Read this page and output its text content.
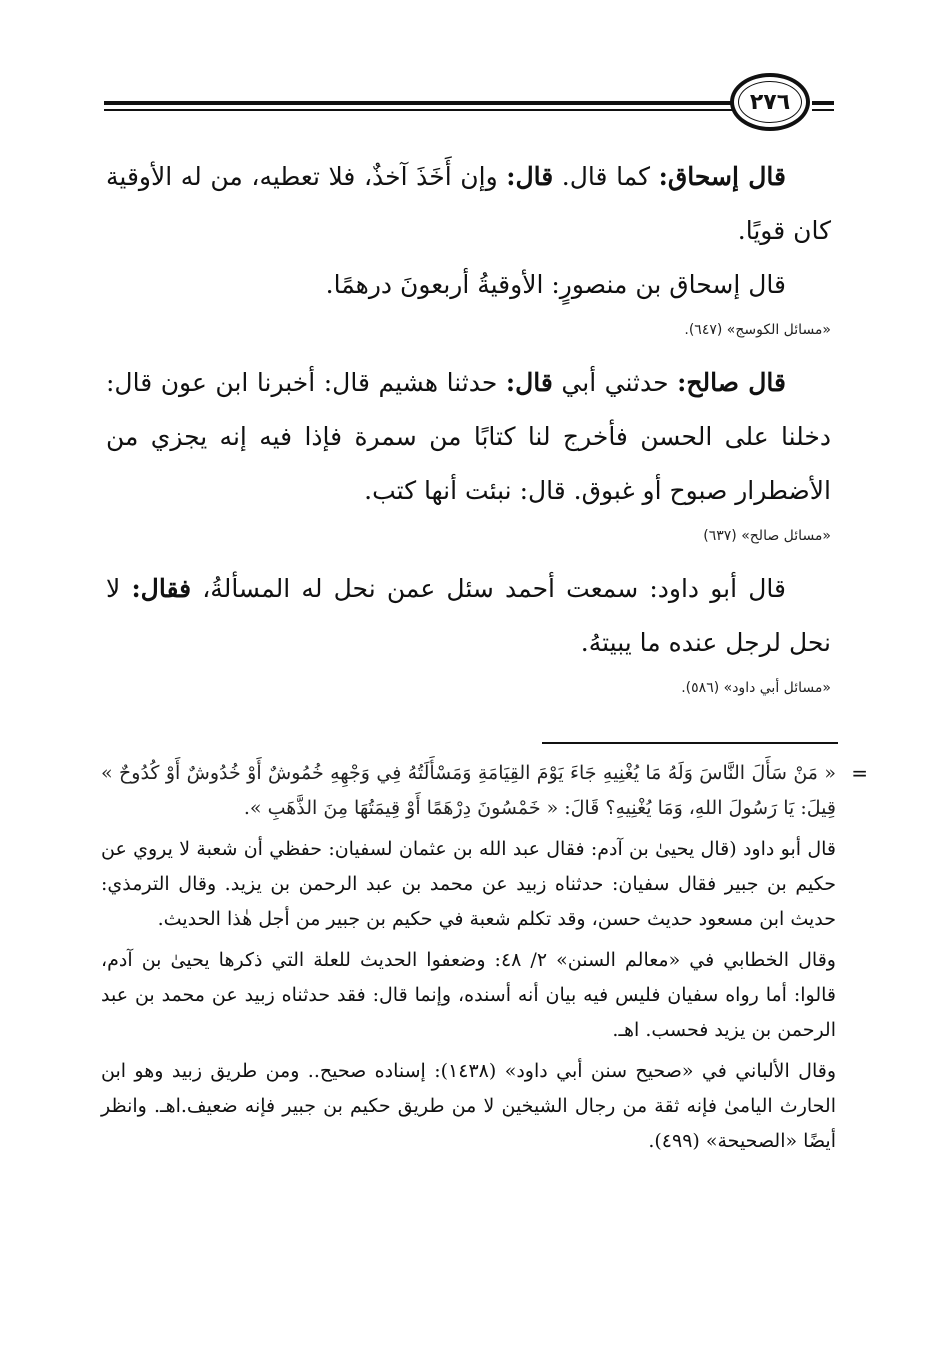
٢٧٦

قال إسحاق: كما قال. قال: وإن أَخَذَ آخذٌ، فلا تعطيه، من له الأوقية كان قويًا.

قال إسحاق بن منصورٍ: الأوقيةُ أربعونَ درهمًا.

«مسائل الكوسج» (٦٤٧).

قال صالح: حدثني أبي قال: حدثنا هشيم قال: أخبرنا ابن عون قال: دخلنا على الحسن فأخرج لنا كتابًا من سمرة فإذا فيه إنه يجزي من الأضطرار صبوح أو غبوق. قال: نبئت أنها كتب.

«مسائل صالح» (٦٣٧)

قال أبو داود: سمعت أحمد سئل عمن نحل له المسألةُ، فقال: لا نحل لرجل عنده ما يبيتهُ.

«مسائل أبي داود» (٥٨٦).
=

« مَنْ سَأَلَ النَّاسَ وَلَهُ مَا يُغْنِيهِ جَاءَ يَوْمَ القِيَامَةِ وَمَسْأَلَتُهُ فِي وَجْهِهِ خُمُوشٌ أَوْ خُدُوشٌ أَوْ كُدُوحٌ » قِيلَ: يَا رَسُولَ اللهِ، وَمَا يُغْنِيهِ؟ قَالَ: « خَمْسُونَ دِرْهَمًا أَوْ قِيمَتُهَا مِنَ الذَّهَبِ ».

قال أبو داود (قال يحيىٰ بن آدم: فقال عبد الله بن عثمان لسفيان: حفظي أن شعبة لا يروي عن حكيم بن جبير فقال سفيان: حدثناه زبيد عن محمد بن عبد الرحمن بن يزيد. وقال الترمذي: حديث ابن مسعود حديث حسن، وقد تكلم شعبة في حكيم بن جبير من أجل هٰذا الحديث.

وقال الخطابي في «معالم السنن» ٢/ ٤٨: وضعفوا الحديث للعلة التي ذكرها يحيىٰ بن آدم، قالوا: أما رواه سفيان فليس فيه بيان أنه أسنده، وإنما قال: فقد حدثناه زبيد عن محمد بن عبد الرحمن بن يزيد فحسب. اهـ.

وقال الألباني في «صحيح سنن أبي داود» (١٤٣٨): إسناده صحيح.. ومن طريق زبيد وهو ابن الحارث اليامىٰ فإنه ثقة من رجال الشيخين لا من طريق حكيم بن جبير فإنه ضعيف.اهـ. وانظر أيضًا «الصحيحة» (٤٩٩).
